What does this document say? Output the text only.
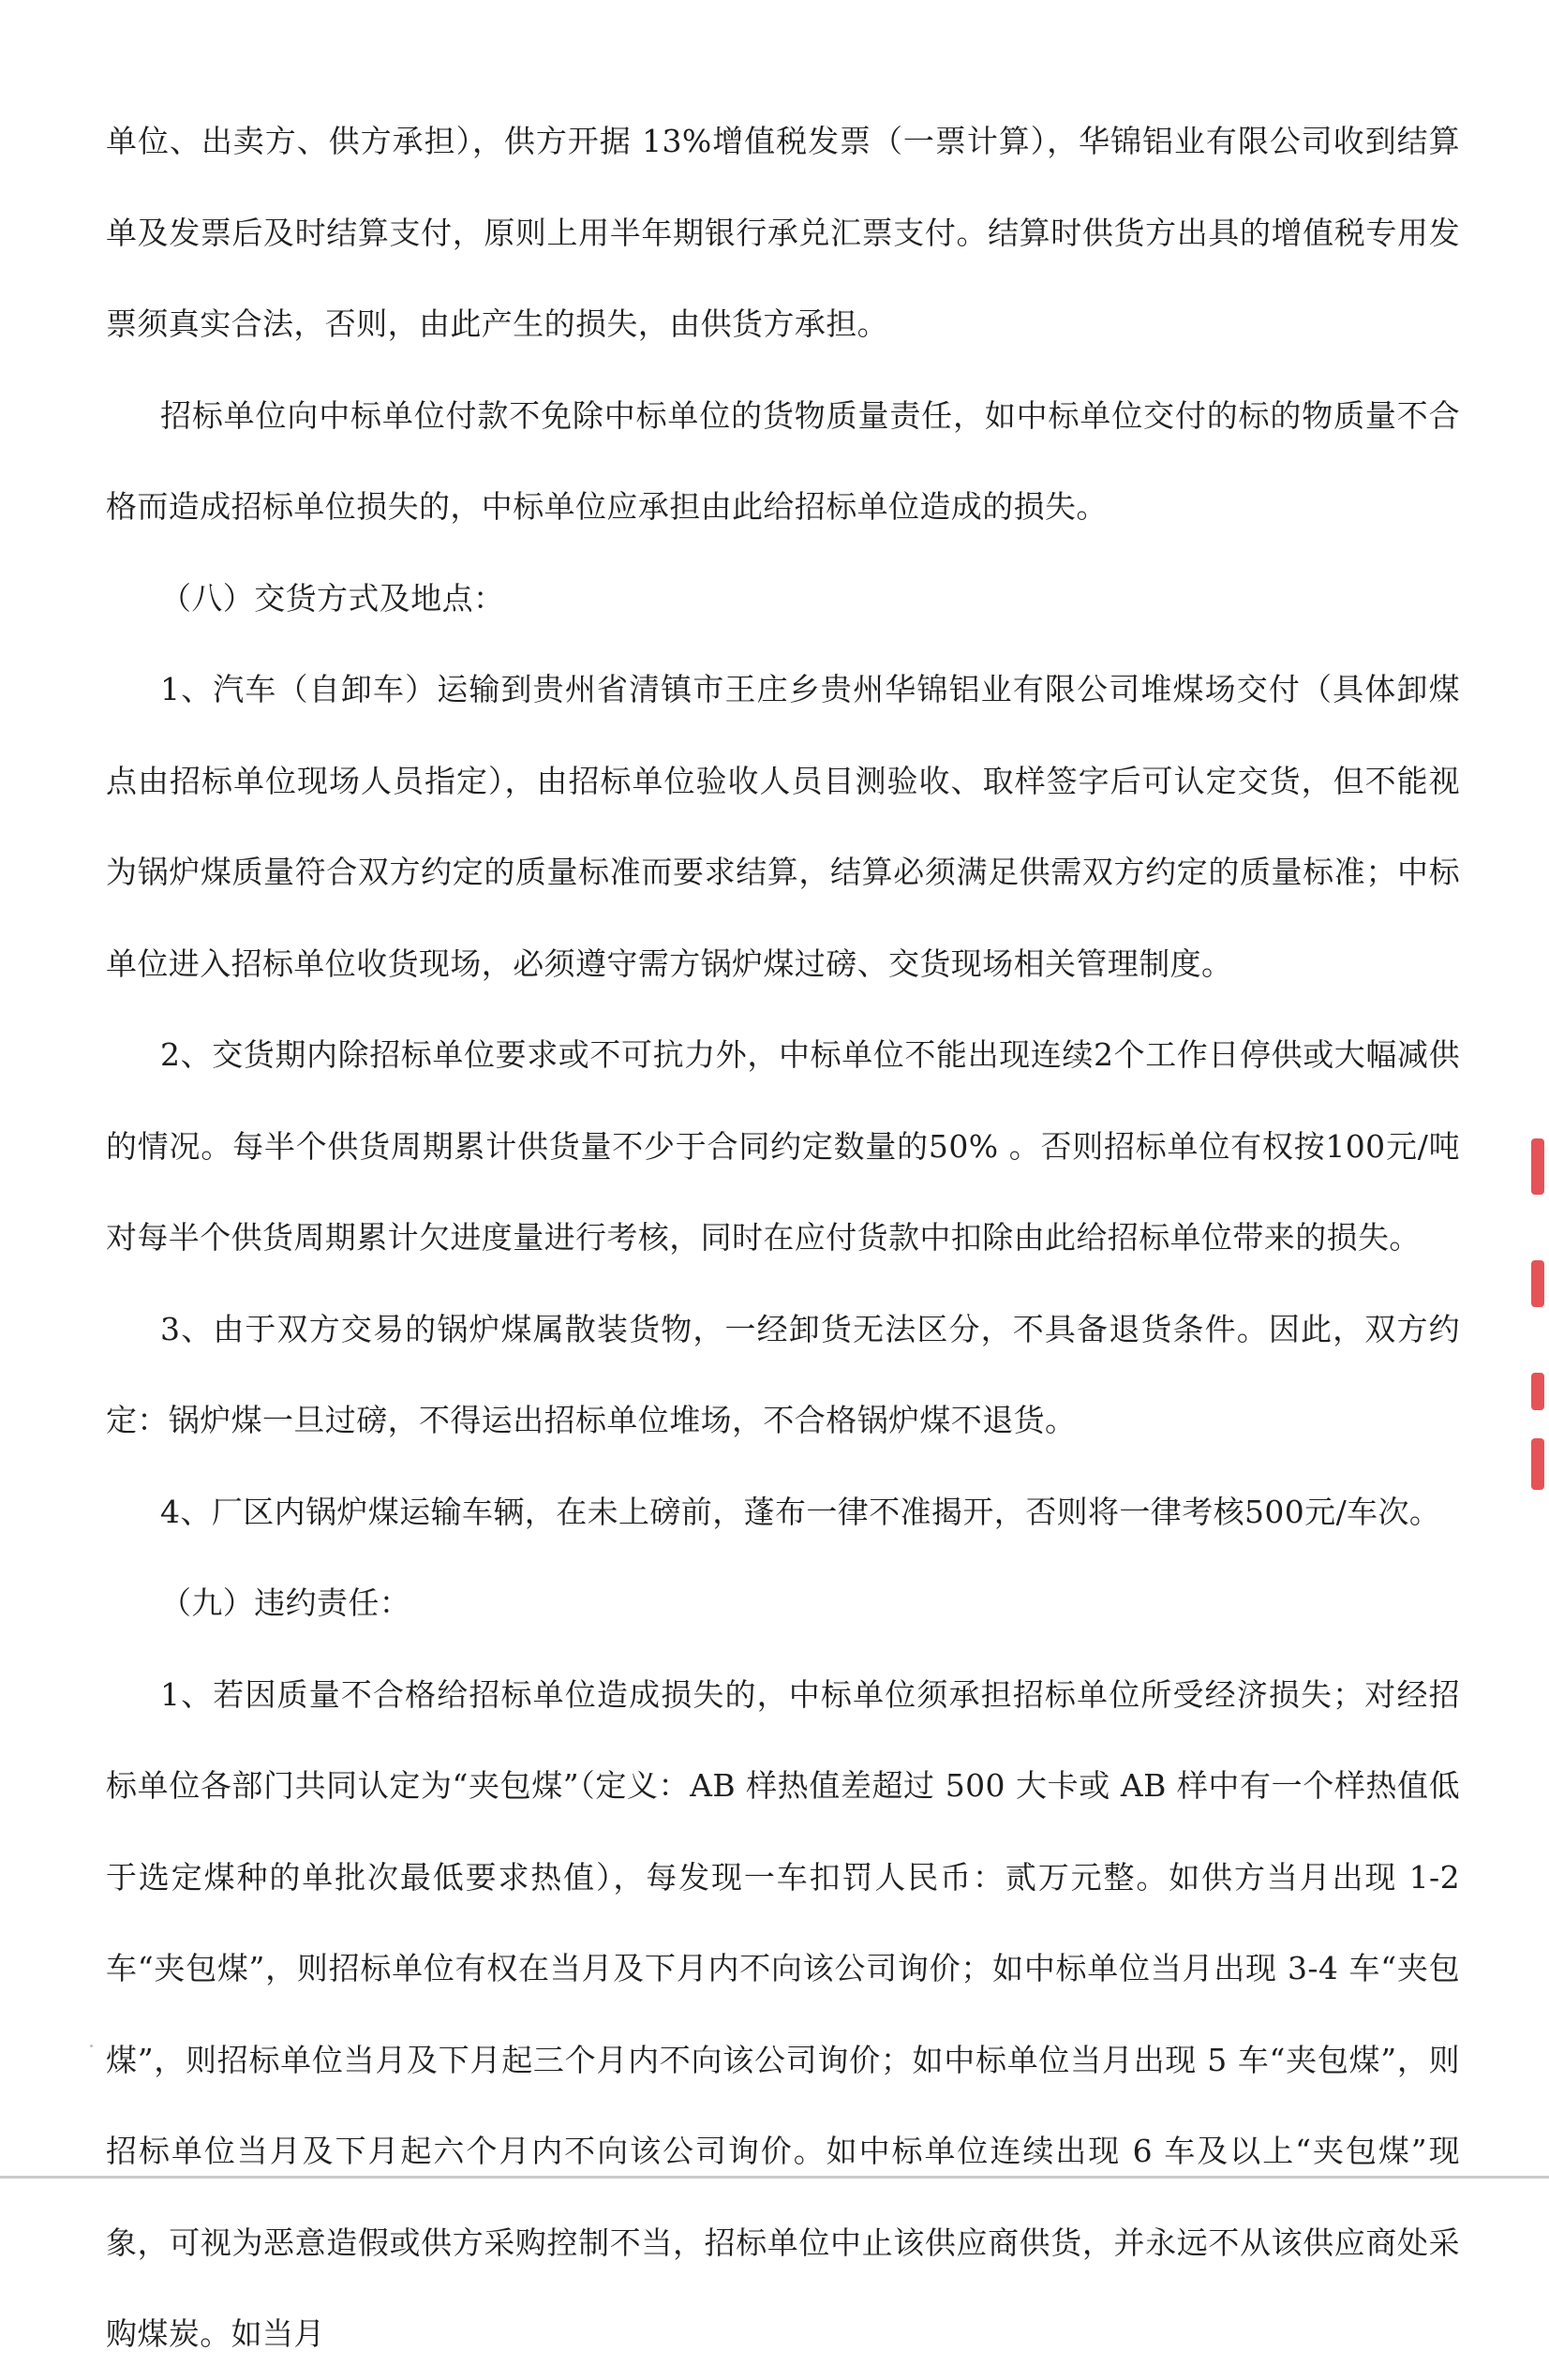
单位、出卖方、供方承担），供方开据 13%增值税发票（一票计算），华锦铝业有限公司收到结算单及发票后及时结算支付，原则上用半年期银行承兑汇票支付。结算时供货方出具的增值税专用发票须真实合法，否则，由此产生的损失，由供货方承担。

招标单位向中标单位付款不免除中标单位的货物质量责任，如中标单位交付的标的物质量不合格而造成招标单位损失的，中标单位应承担由此给招标单位造成的损失。

（八）交货方式及地点：

1、汽车（自卸车）运输到贵州省清镇市王庄乡贵州华锦铝业有限公司堆煤场交付（具体卸煤点由招标单位现场人员指定），由招标单位验收人员目测验收、取样签字后可认定交货，但不能视为锅炉煤质量符合双方约定的质量标准而要求结算，结算必须满足供需双方约定的质量标准；中标单位进入招标单位收货现场，必须遵守需方锅炉煤过磅、交货现场相关管理制度。

2、交货期内除招标单位要求或不可抗力外，中标单位不能出现连续2个工作日停供或大幅减供的情况。每半个供货周期累计供货量不少于合同约定数量的50% 。否则招标单位有权按100元/吨对每半个供货周期累计欠进度量进行考核，同时在应付货款中扣除由此给招标单位带来的损失。

3、由于双方交易的锅炉煤属散装货物，一经卸货无法区分，不具备退货条件。因此，双方约定：锅炉煤一旦过磅，不得运出招标单位堆场，不合格锅炉煤不退货。

4、厂区内锅炉煤运输车辆，在未上磅前，蓬布一律不准揭开，否则将一律考核500元/车次。

（九）违约责任：

1、若因质量不合格给招标单位造成损失的，中标单位须承担招标单位所受经济损失；对经招标单位各部门共同认定为“夹包煤”（定义：AB 样热值差超过 500 大卡或 AB 样中有一个样热值低于选定煤种的单批次最低要求热值），每发现一车扣罚人民币：贰万元整。如供方当月出现 1-2 车“夹包煤”，则招标单位有权在当月及下月内不向该公司询价；如中标单位当月出现 3-4 车“夹包煤”，则招标单位当月及下月起三个月内不向该公司询价；如中标单位当月出现 5 车“夹包煤”，则招标单位当月及下月起六个月内不向该公司询价。如中标单位连续出现 6 车及以上“夹包煤”现象，可视为恶意造假或供方采购控制不当，招标单位中止该供应商供货，并永远不从该供应商处采购煤炭。如当月
